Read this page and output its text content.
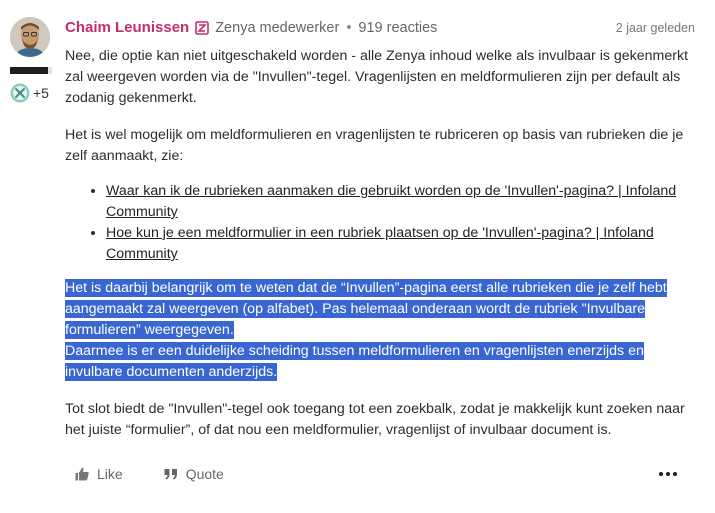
+5
Chaim Leunissen Zenya medewerker • 919 reacties	2 jaar geleden

Nee, die optie kan niet uitgeschakeld worden - alle Zenya inhoud welke als invulbaar is gekenmerkt zal weergeven worden via de "Invullen"-tegel. Vragenlijsten en meldformulieren zijn per default als zodanig gekenmerkt.

Het is wel mogelijk om meldformulieren en vragenlijsten te rubriceren op basis van rubrieken die je zelf aanmaakt, zie:

• Waar kan ik de rubrieken aanmaken die gebruikt worden op de 'Invullen'-pagina? | Infoland Community
• Hoe kun je een meldformulier in een rubriek plaatsen op de 'Invullen'-pagina? | Infoland Community
Het is daarbij belangrijk om te weten dat de “Invullen”-pagina eerst alle rubrieken die je zelf hebt aangemaakt zal weergeven (op alfabet). Pas helemaal onderaan wordt de rubriek "Invulbare formulieren” weergegeven.
Daarmee is er een duidelijke scheiding tussen meldformulieren en vragenlijsten enerzijds en invulbare documenten anderzijds.

Tot slot biedt de "Invullen"-tegel ook toegang tot een zoekbalk, zodat je makkelijk kunt zoeken naar het juiste “formulier”, of dat nou een meldformulier, vragenlijst of invulbaar document is.

Like	Quote
